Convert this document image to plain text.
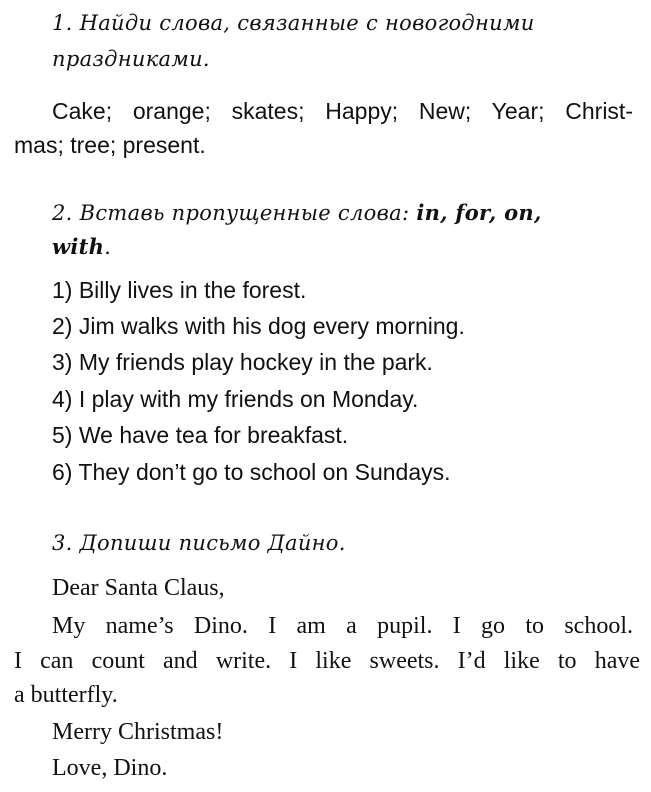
1. Найди слова, связанные с новогодними
праздниками.
Cake; orange; skates; Happy; New; Year; Christ-
mas; tree; present.
2. Вставь пропущенные слова: in, for, on,
with.
1) Billy lives in the forest.
2) Jim walks with his dog every morning.
3) My friends play hockey in the park.
4) I play with my friends on Monday.
5) We have tea for breakfast.
6) They don’t go to school on Sundays.
3. Допиши письмо Дайно.
Dear Santa Claus,
My name’s Dino. I am a pupil. I go to school.
I can count and write. I like sweets. I’d like to have
a butterfly.
Merry Christmas!
Love, Dino.
